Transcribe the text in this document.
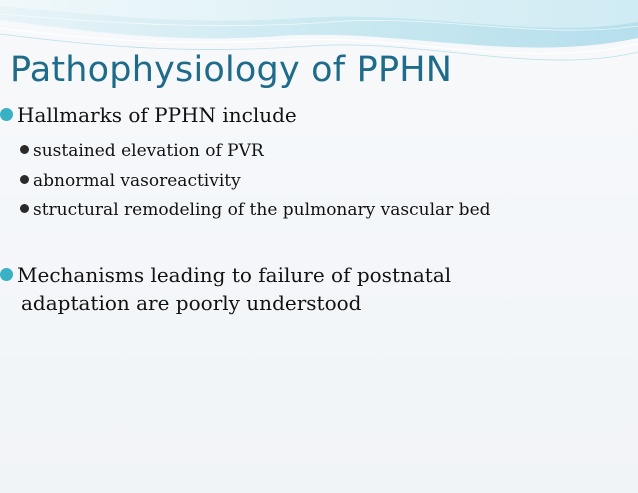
Pathophysiology of PPHN
Hallmarks of PPHN include
sustained elevation of PVR
abnormal vasoreactivity
structural remodeling of the pulmonary vascular bed
Mechanisms leading to failure of postnatal
adaptation are poorly understood
